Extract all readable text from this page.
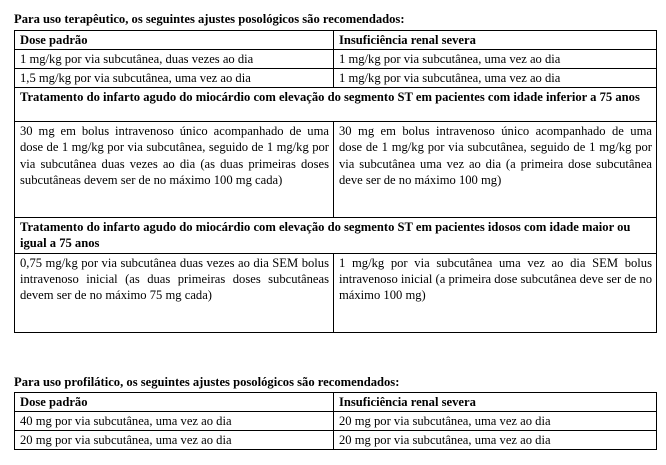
Para uso terapêutico, os seguintes ajustes posológicos são recomendados:

Dose padrão	Insuficiência renal severa
1 mg/kg por via subcutânea, duas vezes ao dia	1 mg/kg por via subcutânea, uma vez ao dia
1,5 mg/kg por via subcutânea, uma vez ao dia	1 mg/kg por via subcutânea, uma vez ao dia
Tratamento do infarto agudo do miocárdio com elevação do segmento ST em pacientes com idade inferior a 75 anos	
30 mg em bolus intravenoso único acompanhado de uma dose de 1 mg/kg por via subcutânea, seguido de 1 mg/kg por via subcutânea duas vezes ao dia (as duas primeiras doses subcutâneas devem ser de no máximo 100 mg cada)	30 mg em bolus intravenoso único acompanhado de uma dose de 1 mg/kg por via subcutânea, seguido de 1 mg/kg por via subcutânea uma vez ao dia (a primeira dose subcutânea deve ser de no máximo 100 mg)
Tratamento do infarto agudo do miocárdio com elevação do segmento ST em pacientes idosos com idade maior ou igual a 75 anos	
0,75 mg/kg por via subcutânea duas vezes ao dia SEM bolus intravenoso inicial (as duas primeiras doses subcutâneas devem ser de no máximo 75 mg cada)	1 mg/kg por via subcutânea uma vez ao dia SEM bolus intravenoso inicial (a primeira dose subcutânea deve ser de no máximo 100 mg)

Para uso profilático, os seguintes ajustes posológicos são recomendados:

Dose padrão	Insuficiência renal severa
40 mg por via subcutânea, uma vez ao dia	20 mg por via subcutânea, uma vez ao dia
20 mg por via subcutânea, uma vez ao dia	20 mg por via subcutânea, uma vez ao dia
